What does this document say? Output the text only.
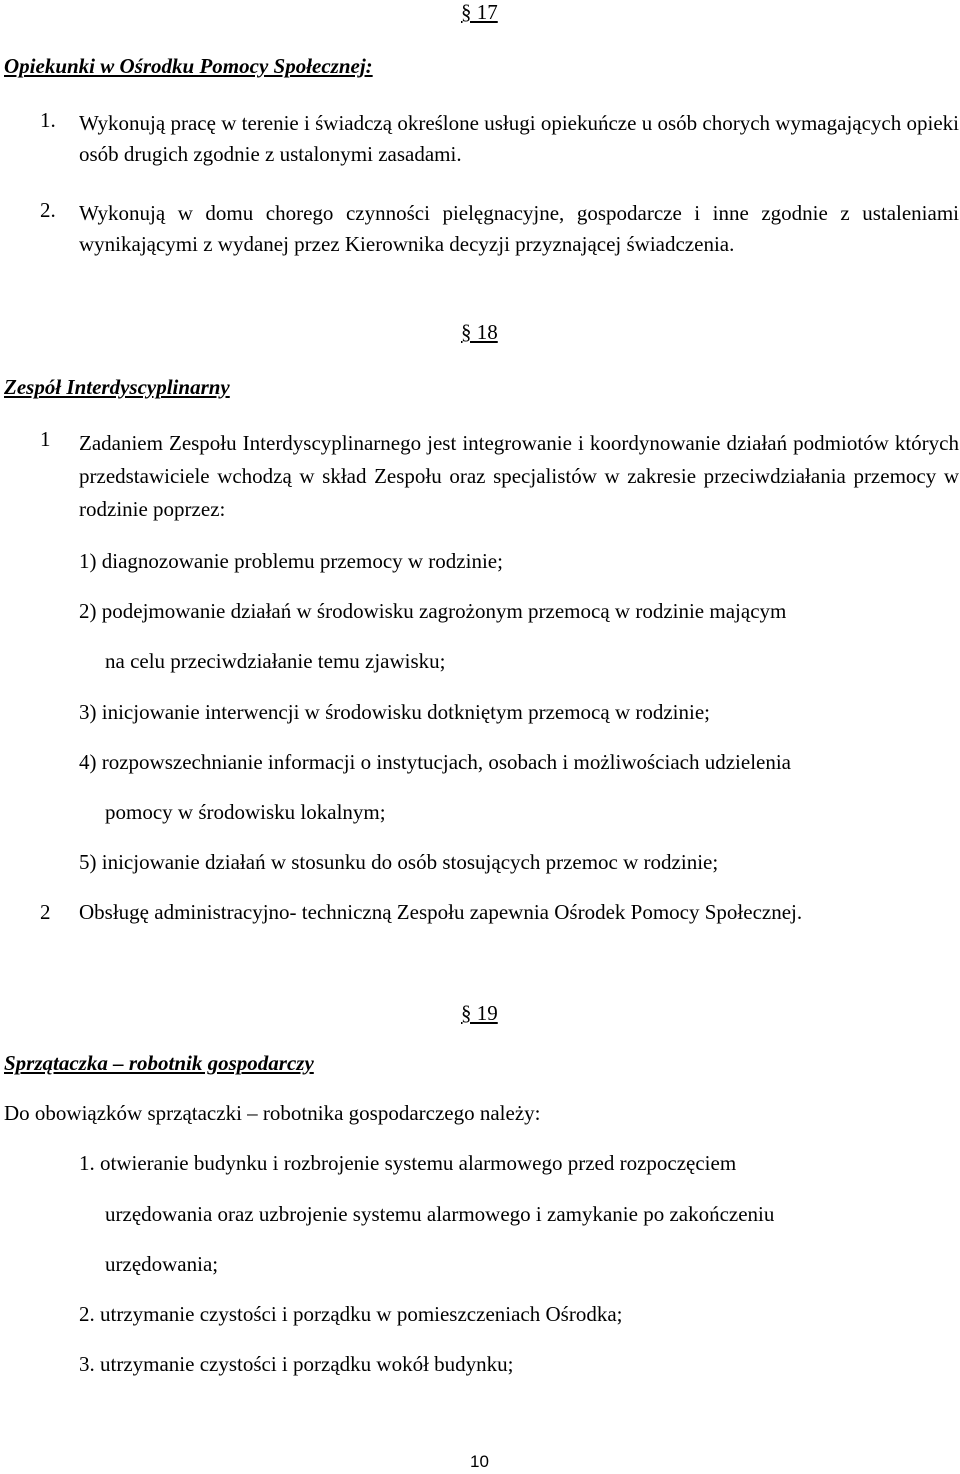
§ 17
Opiekunki w Ośrodku Pomocy Społecznej:
1. Wykonują pracę w terenie i świadczą określone usługi opiekuńcze u osób chorych wymagających opieki osób drugich zgodnie z ustalonymi zasadami.
2. Wykonują w domu chorego czynności pielęgnacyjne, gospodarcze i inne zgodnie z ustaleniami wynikającymi z wydanej przez Kierownika decyzji przyznającej świadczenia.
§ 18
Zespół Interdyscyplinarny
1 Zadaniem Zespołu Interdyscyplinarnego jest integrowanie i koordynowanie działań podmiotów których przedstawiciele wchodzą w skład Zespołu oraz specjalistów w zakresie przeciwdziałania przemocy w rodzinie poprzez:
1) diagnozowanie problemu przemocy w rodzinie;
2) podejmowanie działań w środowisku zagrożonym przemocą w rodzinie mającym
na celu przeciwdziałanie temu zjawisku;
3) inicjowanie interwencji w środowisku dotkniętym przemocą w rodzinie;
4) rozpowszechnianie informacji o instytucjach, osobach i możliwościach udzielenia
pomocy w środowisku lokalnym;
5) inicjowanie działań w stosunku do osób stosujących przemoc w rodzinie;
2 Obsługę administracyjno- techniczną Zespołu zapewnia Ośrodek Pomocy Społecznej.
§ 19
Sprzątaczka – robotnik gospodarczy
Do obowiązków sprzątaczki – robotnika gospodarczego należy:
1. otwieranie budynku i rozbrojenie systemu alarmowego przed rozpoczęciem
urzędowania oraz uzbrojenie systemu alarmowego i zamykanie po zakończeniu
urzędowania;
2. utrzymanie czystości i porządku w pomieszczeniach Ośrodka;
3. utrzymanie czystości i porządku wokół budynku;
10
